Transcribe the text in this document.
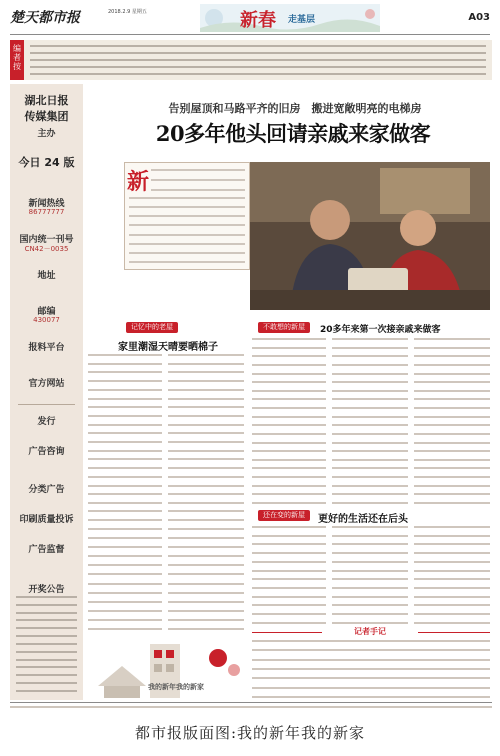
楚天都市报	2018.2.9 星期五	新春 走基层	A03
编者按
湖北日报
传媒集团
主办
今日 24 版
新闻热线
86777777
国内统一刊号
CN42－0035
地址
邮编
430077
报料平台
官方网站
发行
广告咨询
分类广告
印刷质量投诉
广告监督
开奖公告
告别屋顶和马路平齐的旧房　搬进宽敞明亮的电梯房
20多年他头回请亲戚来家做客
新
记忆中的老屋
家里潮湿天晴要晒棉子
不敢想的新屋	20多年来第一次接亲戚来做客
我的新年我的新家
还在变的新屋	更好的生活还在后头
记者手记
都市报版面图:我的新年我的新家
